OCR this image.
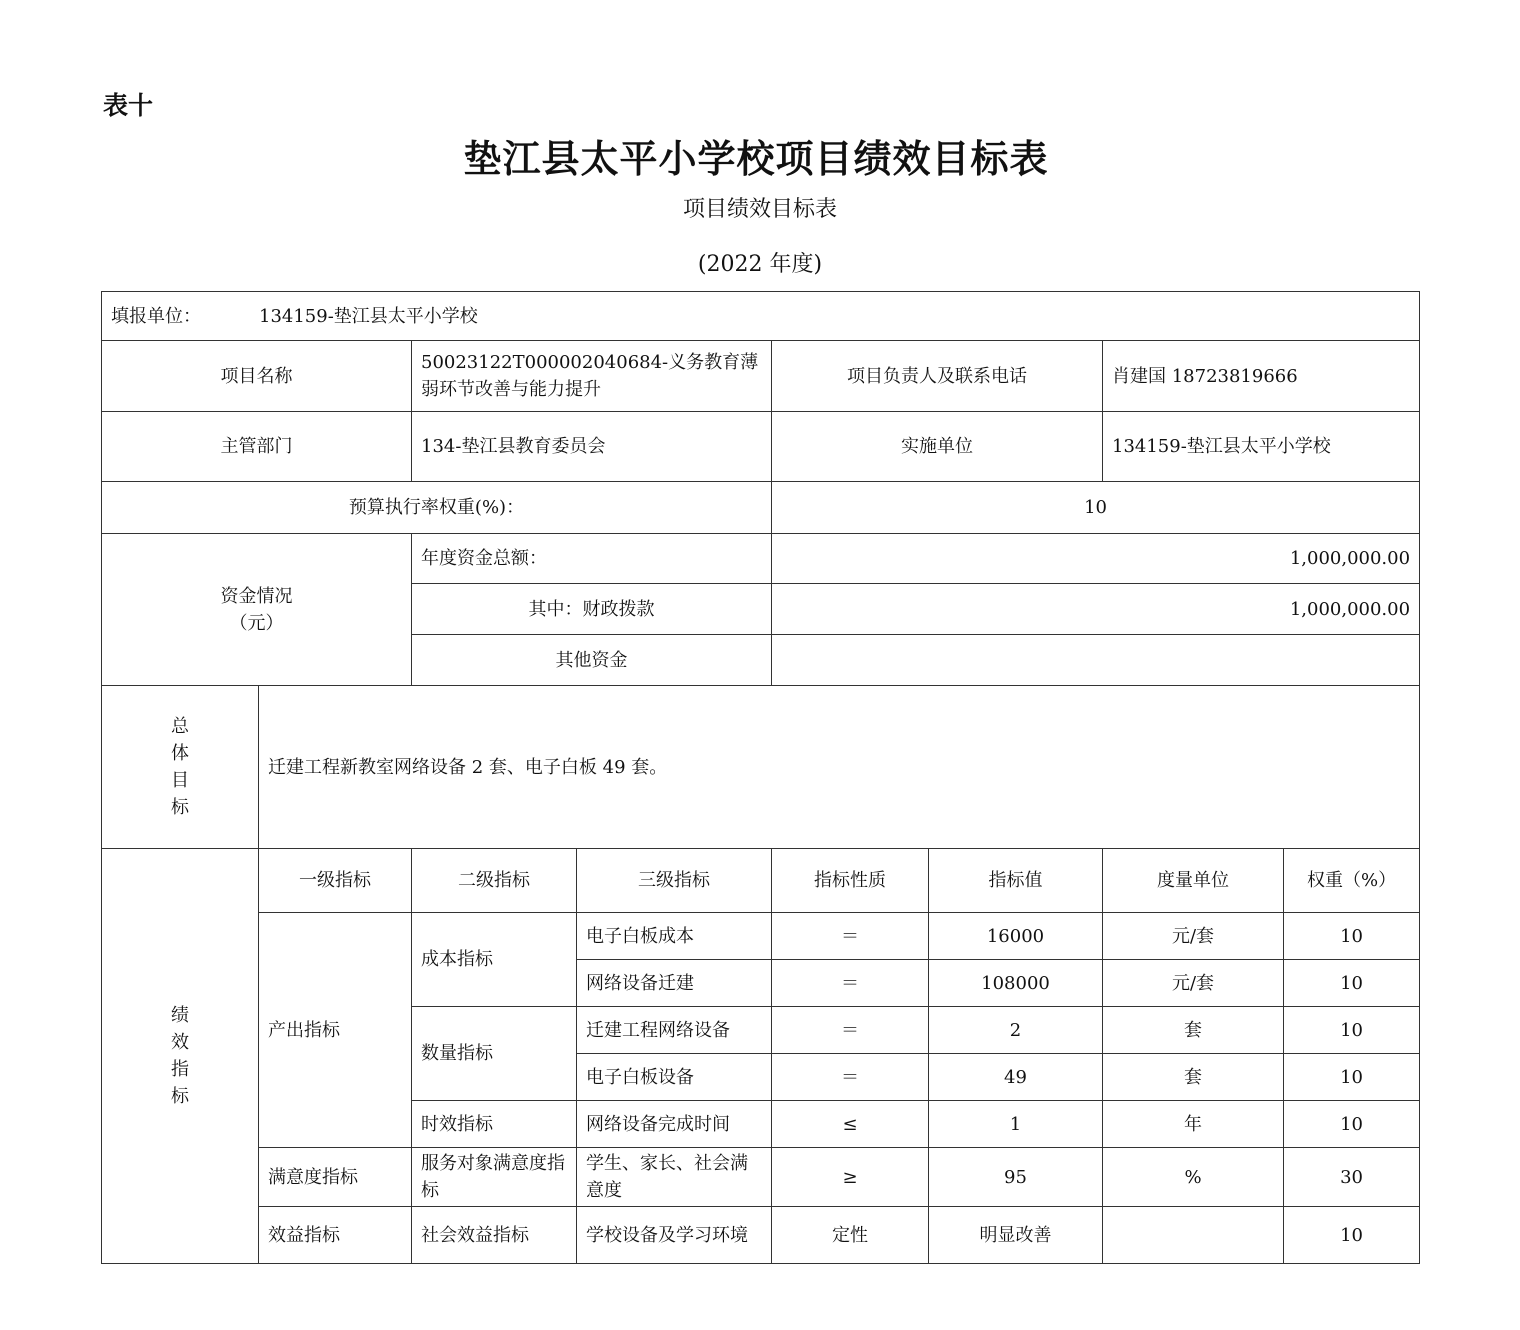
表十
垫江县太平小学校项目绩效目标表
项目绩效目标表
(2022 年度)
填报单位： 134159-垫江县太平小学校							
项目名称		50023122T000002040684-义务教育薄弱环节改善与能力提升		项目负责人及联系电话		肖建国 18723819666	
主管部门		134-垫江县教育委员会		实施单位		134159-垫江县太平小学校	
预算执行率权重(%)：				10			

资金情况
（元）		年度资金总额：		1,000,000.00			
		其中：财政拨款		1,000,000.00			
		其他资金					

总
体
目
标	迁建工程新教室网络设备 2 套、电子白板 49 套。						

绩
效
指
标	一级指标	二级指标	三级指标	指标性质	指标值	度量单位	权重（%）
	产出指标	成本指标	电子白板成本	＝	16000	元/套	10
			网络设备迁建	＝	108000	元/套	10
		数量指标	迁建工程网络设备	＝	2	套	10
			电子白板设备	＝	49	套	10
		时效指标	网络设备完成时间	≤	1	年	10
	满意度指标	服务对象满意度指标	学生、家长、社会满意度	≥	95	%	30
	效益指标	社会效益指标	学校设备及学习环境	定性	明显改善		10
